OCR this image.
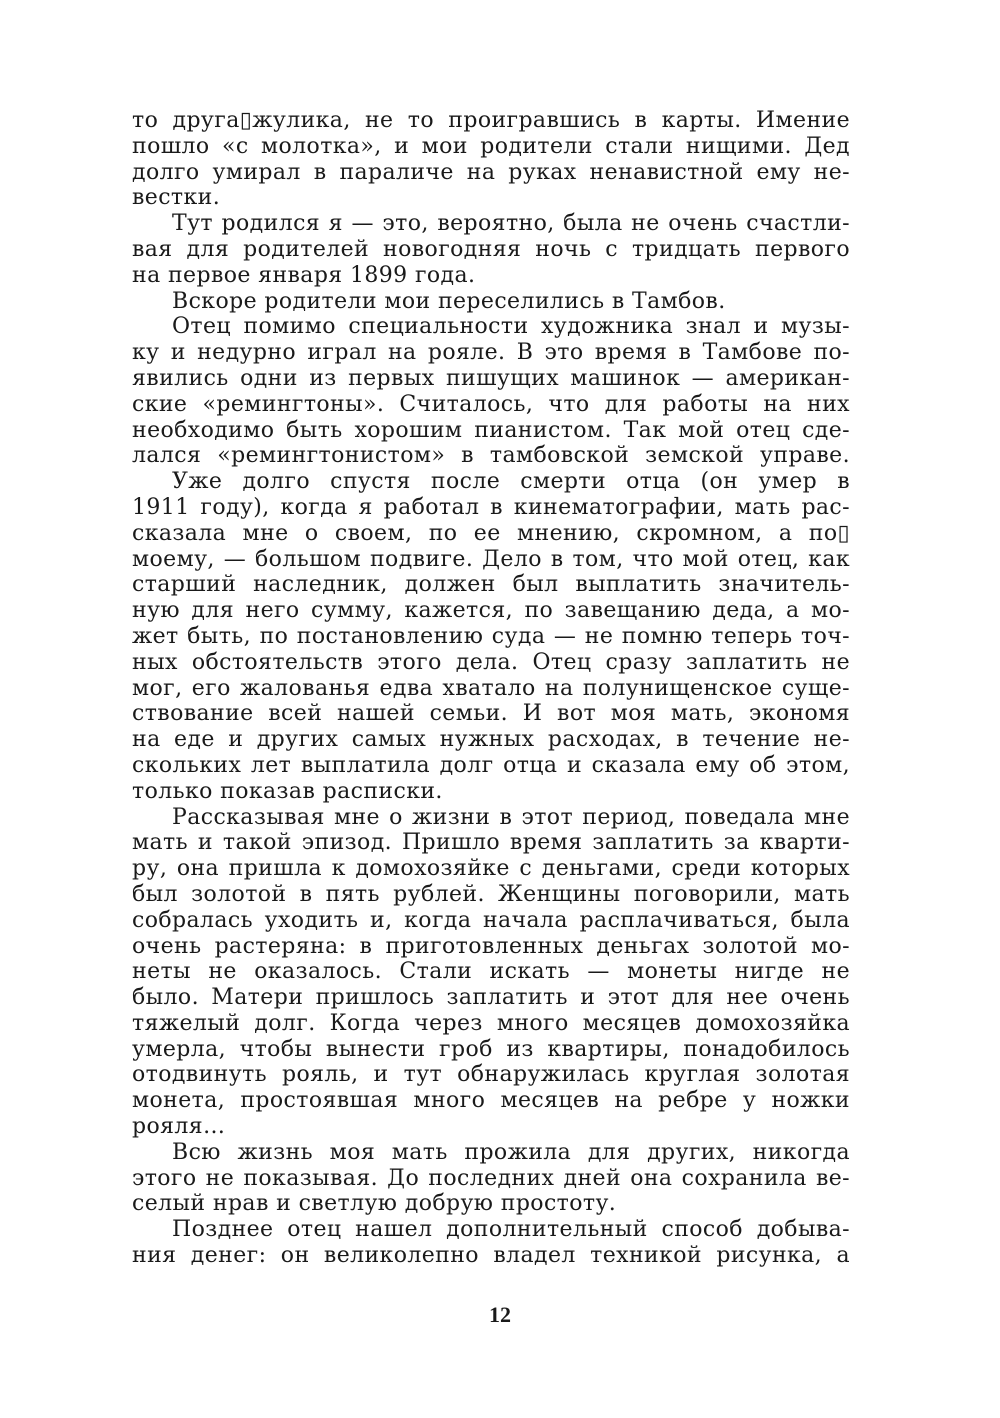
то друга▯жулика, не то проигравшись в карты. Имение
пошло «с молотка», и мои родители стали нищими. Дед
долго умирал в параличе на руках ненавистной ему не-
вестки.
Тут родился я — это, вероятно, была не очень счастли-
вая для родителей новогодняя ночь с тридцать первого
на первое января 1899 года.
Вскоре родители мои переселились в Тамбов.
Отец помимо специальности художника знал и музы-
ку и недурно играл на рояле. В это время в Тамбове по-
явились одни из первых пишущих машинок — американ-
ские «ремингтоны». Считалось, что для работы на них
необходимо быть хорошим пианистом. Так мой отец сде-
лался «ремингтонистом» в тамбовской земской управе.
Уже долго спустя после смерти отца (он умер в
1911 году), когда я работал в кинематографии, мать рас-
сказала мне о своем, по ее мнению, скромном, а по▯
моему, — большом подвиге. Дело в том, что мой отец, как
старший наследник, должен был выплатить значитель-
ную для него сумму, кажется, по завещанию деда, а мо-
жет быть, по постановлению суда — не помню теперь точ-
ных обстоятельств этого дела. Отец сразу заплатить не
мог, его жалованья едва хватало на полунищенское суще-
ствование всей нашей семьи. И вот моя мать, экономя
на еде и других самых нужных расходах, в течение не-
скольких лет выплатила долг отца и сказала ему об этом,
только показав расписки.
Рассказывая мне о жизни в этот период, поведала мне
мать и такой эпизод. Пришло время заплатить за кварти-
ру, она пришла к домохозяйке с деньгами, среди которых
был золотой в пять рублей. Женщины поговорили, мать
собралась уходить и, когда начала расплачиваться, была
очень растеряна: в приготовленных деньгах золотой мо-
неты не оказалось. Стали искать — монеты нигде не
было. Матери пришлось заплатить и этот для нее очень
тяжелый долг. Когда через много месяцев домохозяйка
умерла, чтобы вынести гроб из квартиры, понадобилось
отодвинуть рояль, и тут обнаружилась круглая золотая
монета, простоявшая много месяцев на ребре у ножки
рояля…
Всю жизнь моя мать прожила для других, никогда
этого не показывая. До последних дней она сохранила ве-
селый нрав и светлую добрую простоту.
Позднее отец нашел дополнительный способ добыва-
ния денег: он великолепно владел техникой рисунка, а
12
